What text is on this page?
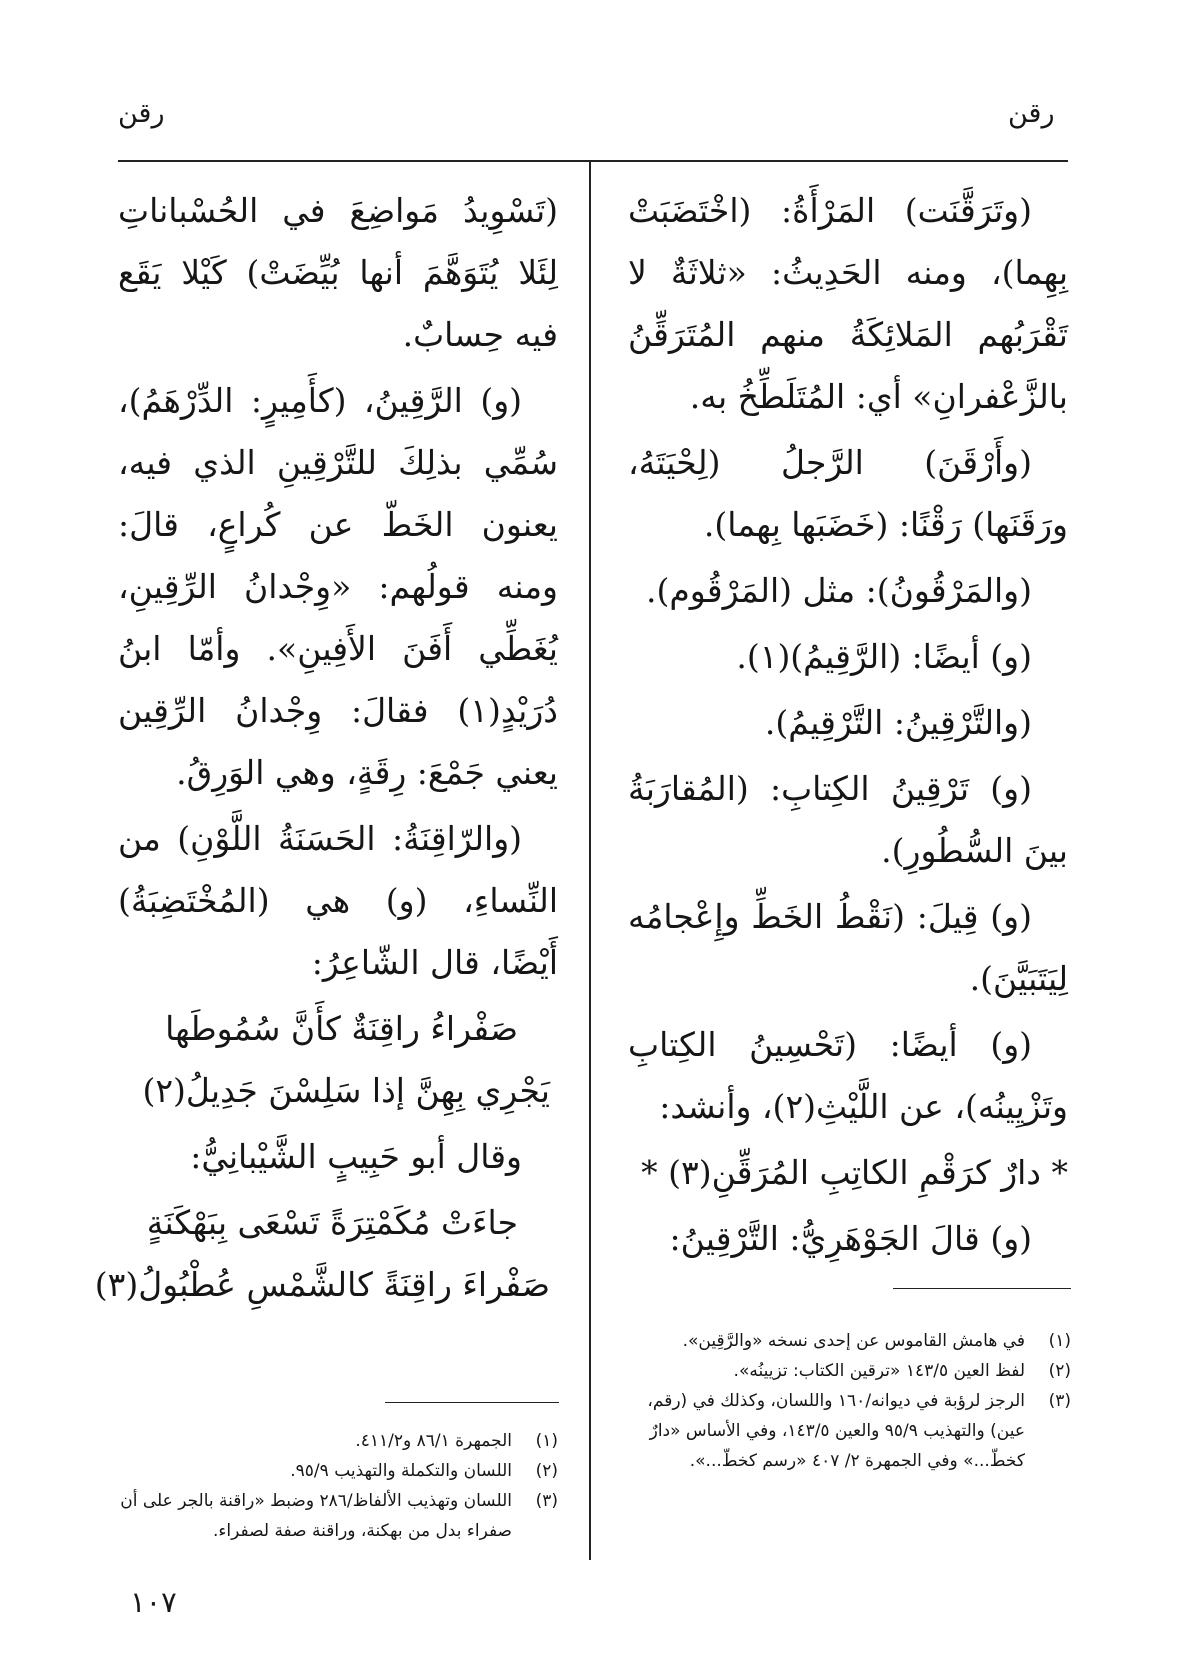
رقن
رقن

(وتَرَقَّنَت) المَرْأَةُ: (اخْتَضَبَتْ بِهِما)، ومنه الحَدِيثُ: «ثلاثَةٌ لا تَقْرَبُهم المَلائِكَةُ منهم المُتَرَقِّنُ بالزَّعْفرانِ» أي: المُتَلَطِّخُ به.

(وأَرْقَنَ) الرَّجلُ (لِحْيَتَهُ، ورَقَنَها) رَقْنًا: (خَضَبَها بِهما).

(والمَرْقُونُ): مثل (المَرْقُوم).

(و) أيضًا: (الرَّقِيمُ)(١).

(والتَّرْقِينُ: التَّرْقِيمُ).

(و) تَرْقِينُ الكِتابِ: (المُقارَبَةُ بينَ السُّطُورِ).

(و) قِيلَ: (نَقْطُ الخَطِّ وإِعْجامُه لِيَتَبَيَّنَ).

(و) أيضًا: (تَحْسِينُ الكِتابِ وتَزْيِينُه)، عن اللَّيْثِ(٢)، وأنشد:

* دارٌ كرَقْمِ الكاتِبِ المُرَقِّنِ(٣) *

(و) قالَ الجَوْهَرِيُّ: التَّرْقِينُ:

(تَسْوِيدُ مَواضِعَ في الحُسْباناتِ لِئَلا يُتَوَهَّمَ أنها بُيِّضَتْ) كَيْلا يَقَع فيه حِسابٌ.

(و) الرَّقِينُ، (كأَمِيرٍ: الدِّرْهَمُ)، سُمِّي بذلِكَ للتَّرْقِينِ الذي فيه، يعنون الخَطّ عن كُراعٍ، قالَ: ومنه قولُهم: «وِجْدانُ الرِّقِينِ، يُغَطِّي أَفَنَ الأَفِينِ». وأمّا ابنُ دُرَيْدٍ(١) فقالَ: وِجْدانُ الرِّقِين يعني جَمْعَ: رِقَةٍ، وهي الوَرِقُ.

(والرّاقِنَةُ: الحَسَنَةُ اللَّوْنِ) من النِّساءِ، (و) هي (المُخْتَضِبَةُ) أَيْضًا، قال الشّاعِرُ:

صَفْراءُ راقِنَةٌ كأَنَّ سُمُوطَها
يَجْرِي بِهِنَّ إذا سَلِسْنَ جَدِيلُ(٢)

وقال أبو حَبِيبٍ الشَّيْبانِيُّ:

جاءَتْ مُكَمْتِرَةً تَسْعَى بِبَهْكَنَةٍ
صَفْراءَ راقِنَةً كالشَّمْسِ عُطْبُولُ(٣)

(١)
في هامش القاموس عن إحدى نسخه «والرَّقِين».
(٢)
لفظ العين ١٤٣/٥ «ترقين الكتاب: تزيينُه».
(٣)
الرجز لرؤبة في ديوانه/١٦٠ واللسان، وكذلك في (رقم، عين) والتهذيب ٩٥/٩ والعين ١٤٣/٥، وفي الأساس «دارٌ كخطّ...» وفي الجمهرة ٢/ ٤٠٧ «رسم كخطّ...».
(١)
الجمهرة ٨٦/١ و٤١١/٢.
(٢)
اللسان والتكملة والتهذيب ٩٥/٩.
(٣)
اللسان وتهذيب الألفاظ/٢٨٦ وضبط «راقنة بالجر على أن صفراء بدل من بهكنة، وراقنة صفة لصفراء.
١٠٧
